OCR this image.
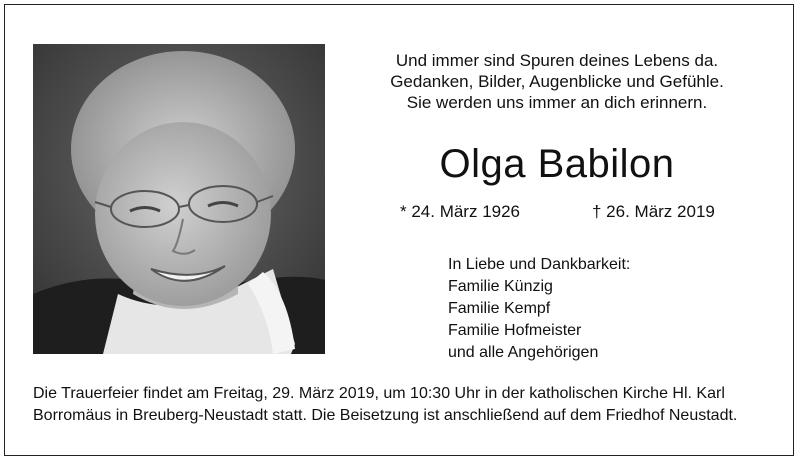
Und immer sind Spuren deines Lebens da.
Gedanken, Bilder, Augenblicke und Gefühle.
Sie werden uns immer an dich erinnern.
Olga Babilon
* 24. März 1926	† 26. März 2019
In Liebe und Dankbarkeit:
Familie Künzig
Familie Kempf
Familie Hofmeister
und alle Angehörigen
Die Trauerfeier findet am Freitag, 29. März 2019, um 10:30 Uhr in der katholischen Kirche Hl. Karl
Borromäus in Breuberg-Neustadt statt. Die Beisetzung ist anschließend auf dem Friedhof Neustadt.
